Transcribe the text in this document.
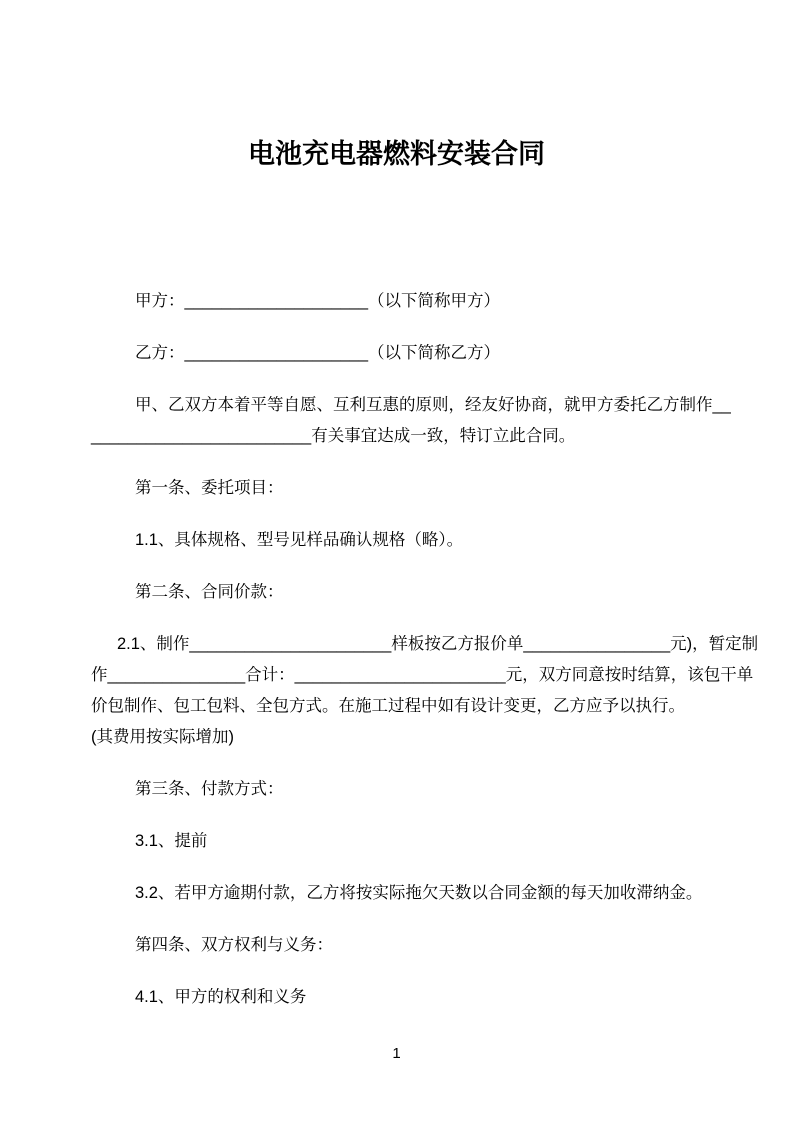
电池充电器燃料安装合同

甲方：____________________（以下简称甲方）

乙方：____________________（以下简称乙方）

甲、乙双方本着平等自愿、互利互惠的原则，经友好协商，就甲方委托乙方制作__
________________________有关事宜达成一致，特订立此合同。

第一条、委托项目：

1.1、具体规格、型号见样品确认规格（略）。

第二条、合同价款：

2.1、制作______________________样板按乙方报价单________________元)，暂定制
作_______________合计：_______________________元，双方同意按时结算，该包干单
价包制作、包工包料、全包方式。在施工过程中如有设计变更，乙方应予以执行。
(其费用按实际增加)

第三条、付款方式：

3.1、提前

3.2、若甲方逾期付款，乙方将按实际拖欠天数以合同金额的每天加收滞纳金。

第四条、双方权利与义务：

4.1、甲方的权利和义务

1
